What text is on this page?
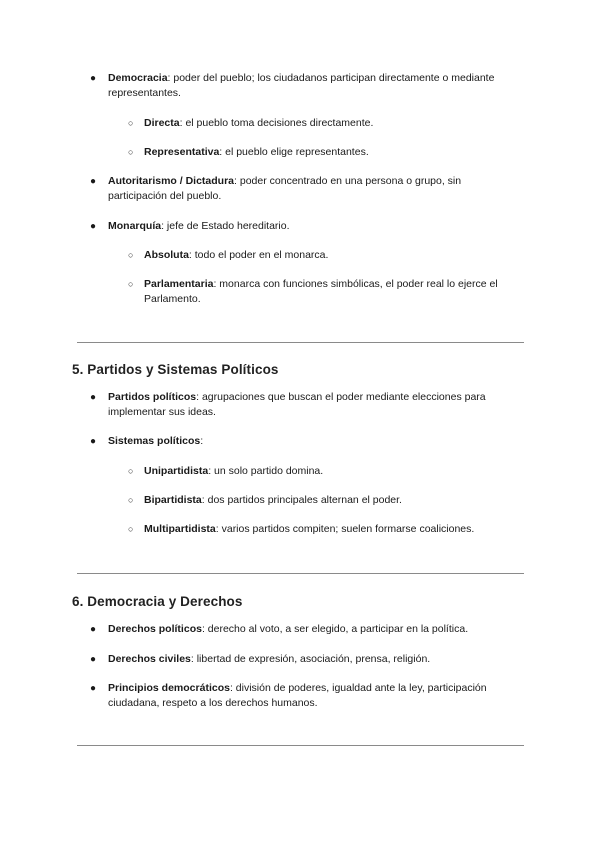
● Democracia: poder del pueblo; los ciudadanos participan directamente o mediante representantes.
○ Directa: el pueblo toma decisiones directamente.
○ Representativa: el pueblo elige representantes.
● Autoritarismo / Dictadura: poder concentrado en una persona o grupo, sin participación del pueblo.
● Monarquía: jefe de Estado hereditario.
○ Absoluta: todo el poder en el monarca.
○ Parlamentaria: monarca con funciones simbólicas, el poder real lo ejerce el Parlamento.
5. Partidos y Sistemas Políticos
● Partidos políticos: agrupaciones que buscan el poder mediante elecciones para implementar sus ideas.
● Sistemas políticos:
○ Unipartidista: un solo partido domina.
○ Bipartidista: dos partidos principales alternan el poder.
○ Multipartidista: varios partidos compiten; suelen formarse coaliciones.
6. Democracia y Derechos
● Derechos políticos: derecho al voto, a ser elegido, a participar en la política.
● Derechos civiles: libertad de expresión, asociación, prensa, religión.
● Principios democráticos: división de poderes, igualdad ante la ley, participación ciudadana, respeto a los derechos humanos.
